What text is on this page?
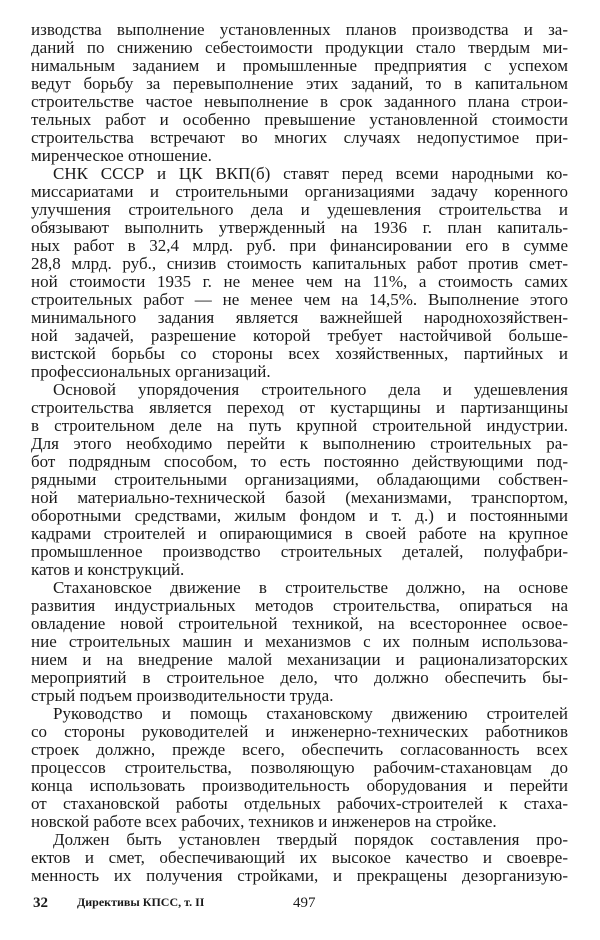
изводства выполнение установленных планов производства и за-
даний по снижению себестоимости продукции стало твердым ми-
нимальным заданием и промышленные предприятия с успехом
ведут борьбу за перевыполнение этих заданий, то в капитальном
строительстве частое невыполнение в срок заданного плана строи-
тельных работ и особенно превышение установленной стоимости
строительства встречают во многих случаях недопустимое при-
миренческое отношение.
СНК СССР и ЦК ВКП(б) ставят перед всеми народными ко-
миссариатами и строительными организациями задачу коренного
улучшения строительного дела и удешевления строительства и
обязывают выполнить утвержденный на 1936 г. план капиталь-
ных работ в 32,4 млрд. руб. при финансировании его в сумме
28,8 млрд. руб., снизив стоимость капитальных работ против смет-
ной стоимости 1935 г. не менее чем на 11%, а стоимость самих
строительных работ — не менее чем на 14,5%. Выполнение этого
минимального задания является важнейшей народнохозяйствен-
ной задачей, разрешение которой требует настойчивой больше-
вистской борьбы со стороны всех хозяйственных, партийных и
профессиональных организаций.
Основой упорядочения строительного дела и удешевления
строительства является переход от кустарщины и партизанщины
в строительном деле на путь крупной строительной индустрии.
Для этого необходимо перейти к выполнению строительных ра-
бот подрядным способом, то есть постоянно действующими под-
рядными строительными организациями, обладающими собствен-
ной материально-технической базой (механизмами, транспортом,
оборотными средствами, жилым фондом и т. д.) и постоянными
кадрами строителей и опирающимися в своей работе на крупное
промышленное производство строительных деталей, полуфабри-
катов и конструкций.
Стахановское движение в строительстве должно, на основе
развития индустриальных методов строительства, опираться на
овладение новой строительной техникой, на всестороннее освое-
ние строительных машин и механизмов с их полным использова-
нием и на внедрение малой механизации и рационализаторских
мероприятий в строительное дело, что должно обеспечить бы-
стрый подъем производительности труда.
Руководство и помощь стахановскому движению строителей
со стороны руководителей и инженерно-технических работников
строек должно, прежде всего, обеспечить согласованность всех
процессов строительства, позволяющую рабочим-стахановцам до
конца использовать производительность оборудования и перейти
от стахановской работы отдельных рабочих-строителей к стаха-
новской работе всех рабочих, техников и инженеров на стройке.
Должен быть установлен твердый порядок составления про-
ектов и смет, обеспечивающий их высокое качество и своевре-
менность их получения стройками, и прекращены дезорганизую-
32 Директивы КПСС, т. II	497
